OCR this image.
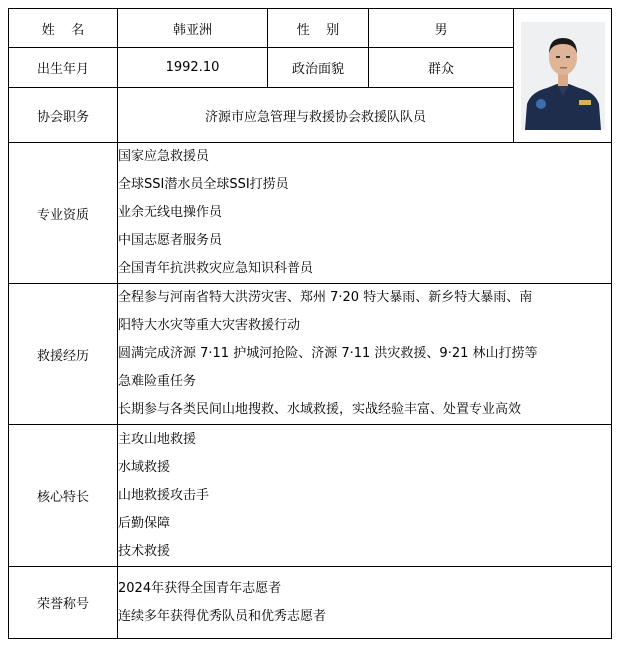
姓    名	韩亚洲	性    别	男	

出生年月	1992.10	政治面貌	群众	
协会职务	济源市应急管理与救援协会救援队队员			
专业资质	国家应急救援员
全球SSI潜水员全球SSI打捞员
业余无线电操作员
中国志愿者服务员
全国青年抗洪救灾应急知识科普员			

救援经历	全程参与河南省特大洪涝灾害、郑州 7·20 特大暴雨、新乡特大暴雨、南
阳特大水灾等重大灾害救援行动
圆满完成济源 7·11 护城河抢险、济源 7·11 洪灾救援、9·21 林山打捞等
急难险重任务
长期参与各类民间山地搜救、水域救援，实战经验丰富、处置专业高效			

核心特长	主攻山地救援
水域救援
山地救援攻击手
后勤保障
技术救援			

荣誉称号	2024年获得全国青年志愿者
连续多年获得优秀队员和优秀志愿者			
